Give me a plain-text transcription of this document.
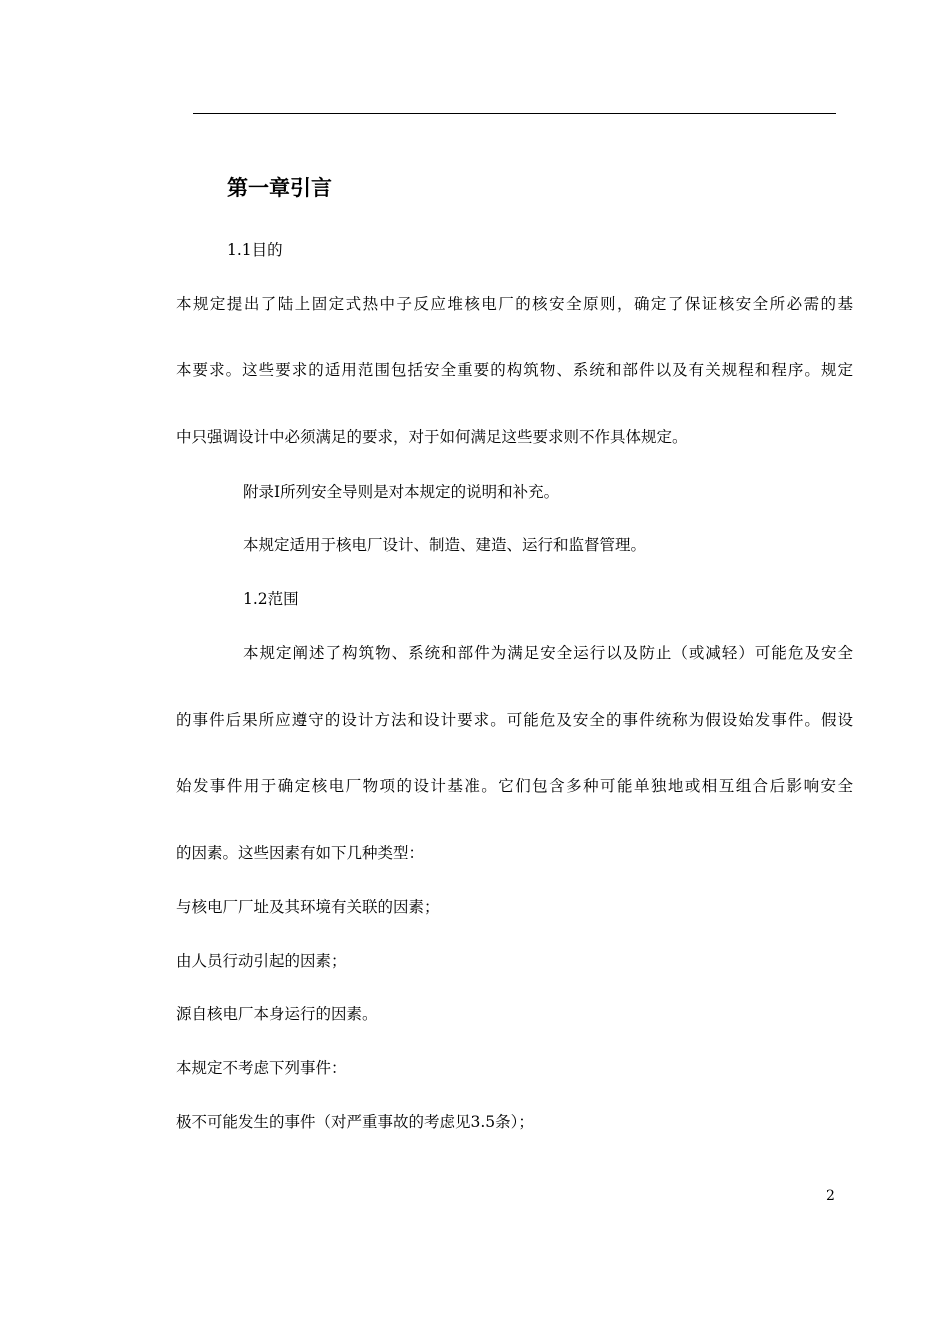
第一章引言
1.1目的
本规定提出了陆上固定式热中子反应堆核电厂的核安全原则，确定了保证核安全所必需的基
本要求。这些要求的适用范围包括安全重要的构筑物、系统和部件以及有关规程和程序。规定
中只强调设计中必须满足的要求，对于如何满足这些要求则不作具体规定。
附录I所列安全导则是对本规定的说明和补充。
本规定适用于核电厂设计、制造、建造、运行和监督管理。
1.2范围
本规定阐述了构筑物、系统和部件为满足安全运行以及防止（或减轻）可能危及安全
的事件后果所应遵守的设计方法和设计要求。可能危及安全的事件统称为假设始发事件。假设
始发事件用于确定核电厂物项的设计基准。它们包含多种可能单独地或相互组合后影响安全
的因素。这些因素有如下几种类型：
与核电厂厂址及其环境有关联的因素；
由人员行动引起的因素；
源自核电厂本身运行的因素。
本规定不考虑下列事件：
极不可能发生的事件（对严重事故的考虑见3.5条）；
2
